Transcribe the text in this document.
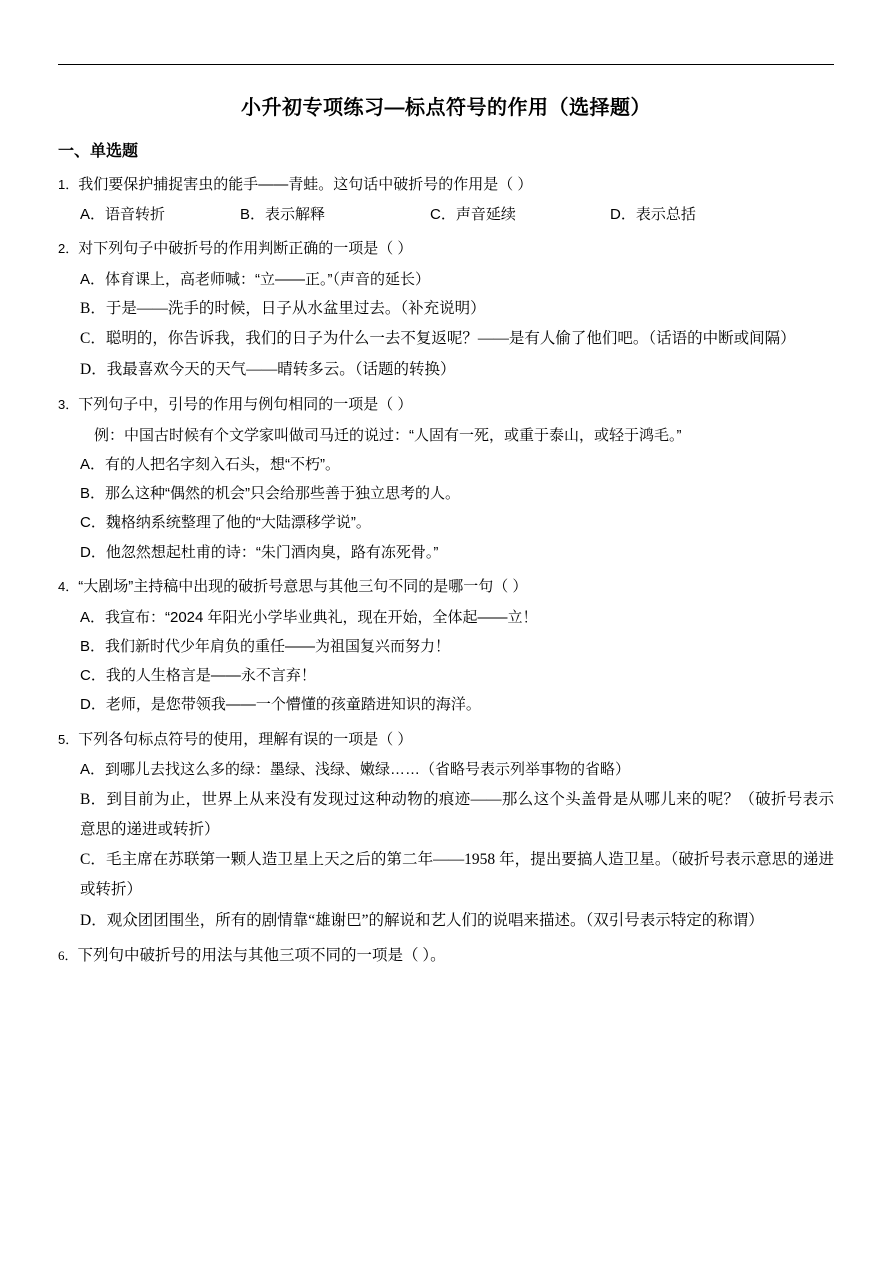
小升初专项练习—标点符号的作用（选择题）
一、单选题
1．我们要保护捕捉害虫的能手——青蛙。这句话中破折号的作用是（ ）
A．语音转折	B．表示解释	C．声音延续	D．表示总括
2．对下列句子中破折号的作用判断正确的一项是（ ）
A．体育课上，高老师喊：“立——正。”（声音的延长）
B．于是——洗手的时候，日子从水盆里过去。（补充说明）
C．聪明的，你告诉我，我们的日子为什么一去不复返呢？——是有人偷了他们吧。（话语的中断或间隔）
D．我最喜欢今天的天气——晴转多云。（话题的转换）
3．下列句子中，引号的作用与例句相同的一项是（ ）
例：中国古时候有个文学家叫做司马迁的说过：“人固有一死，或重于泰山，或轻于鸿毛。”
A．有的人把名字刻入石头，想“不朽”。
B．那么这种“偶然的机会”只会给那些善于独立思考的人。
C．魏格纳系统整理了他的“大陆漂移学说”。
D．他忽然想起杜甫的诗：“朱门酒肉臭，路有冻死骨。”
4．“大剧场”主持稿中出现的破折号意思与其他三句不同的是哪一句（ ）
A．我宣布：“2024 年阳光小学毕业典礼，现在开始，全体起——立！
B．我们新时代少年肩负的重任——为祖国复兴而努力！
C．我的人生格言是——永不言弃！
D．老师，是您带领我——一个懵懂的孩童踏进知识的海洋。
5．下列各句标点符号的使用，理解有误的一项是（ ）
A．到哪儿去找这么多的绿：墨绿、浅绿、嫩绿……（省略号表示列举事物的省略）
B．到目前为止，世界上从来没有发现过这种动物的痕迹——那么这个头盖骨是从哪儿来的呢？（破折号表示意思的递进或转折）
C．毛主席在苏联第一颗人造卫星上天之后的第二年——1958 年，提出要搞人造卫星。（破折号表示意思的递进或转折）
D．观众团团围坐，所有的剧情靠“雄谢巴”的解说和艺人们的说唱来描述。（双引号表示特定的称谓）
6．下列句中破折号的用法与其他三项不同的一项是（ ）。
